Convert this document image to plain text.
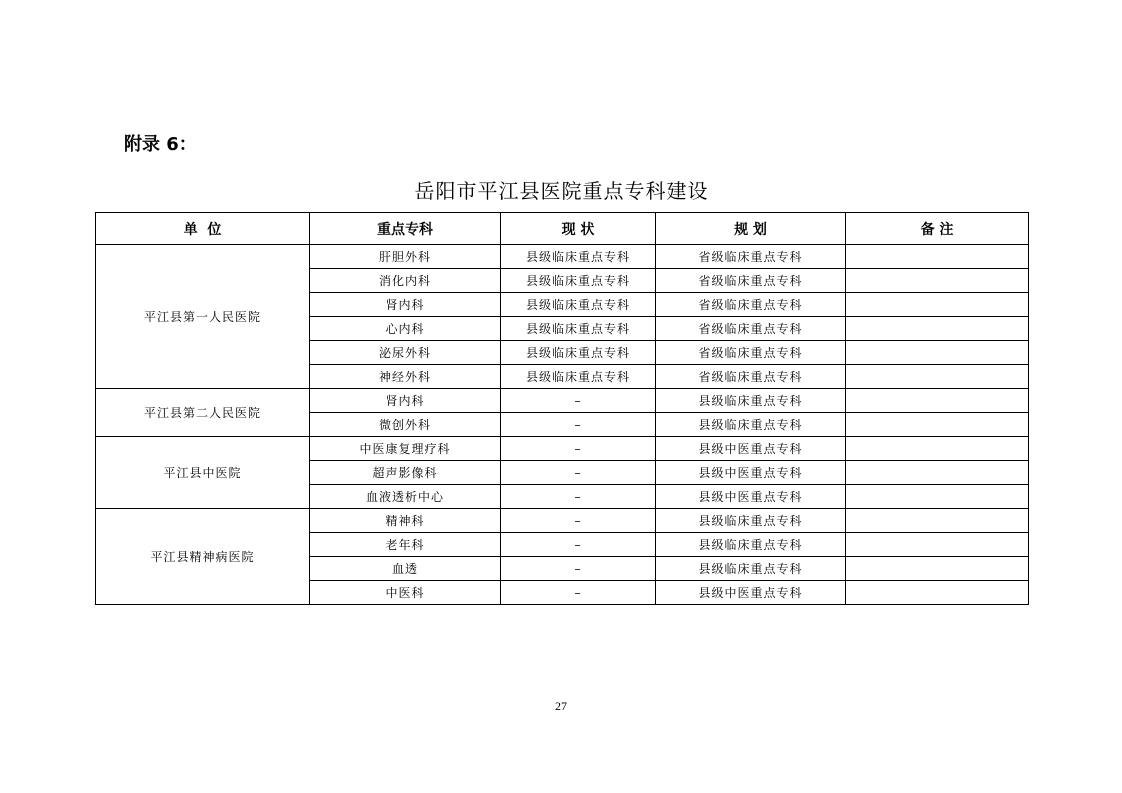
附录 6：
岳阳市平江县医院重点专科建设
单  位	重点专科	现 状	规 划	备 注
平江县第一人民医院	肝胆外科	县级临床重点专科	省级临床重点专科	
	消化内科	县级临床重点专科	省级临床重点专科	
	肾内科	县级临床重点专科	省级临床重点专科	
	心内科	县级临床重点专科	省级临床重点专科	
	泌尿外科	县级临床重点专科	省级临床重点专科	
	神经外科	县级临床重点专科	省级临床重点专科	
平江县第二人民医院	肾内科	–	县级临床重点专科	
	微创外科	–	县级临床重点专科	
平江县中医院	中医康复理疗科	–	县级中医重点专科	
	超声影像科	–	县级中医重点专科	
	血液透析中心	–	县级中医重点专科	
平江县精神病医院	精神科	–	县级临床重点专科	
	老年科	–	县级临床重点专科	
	血透	–	县级临床重点专科	
	中医科	–	县级中医重点专科	
27
